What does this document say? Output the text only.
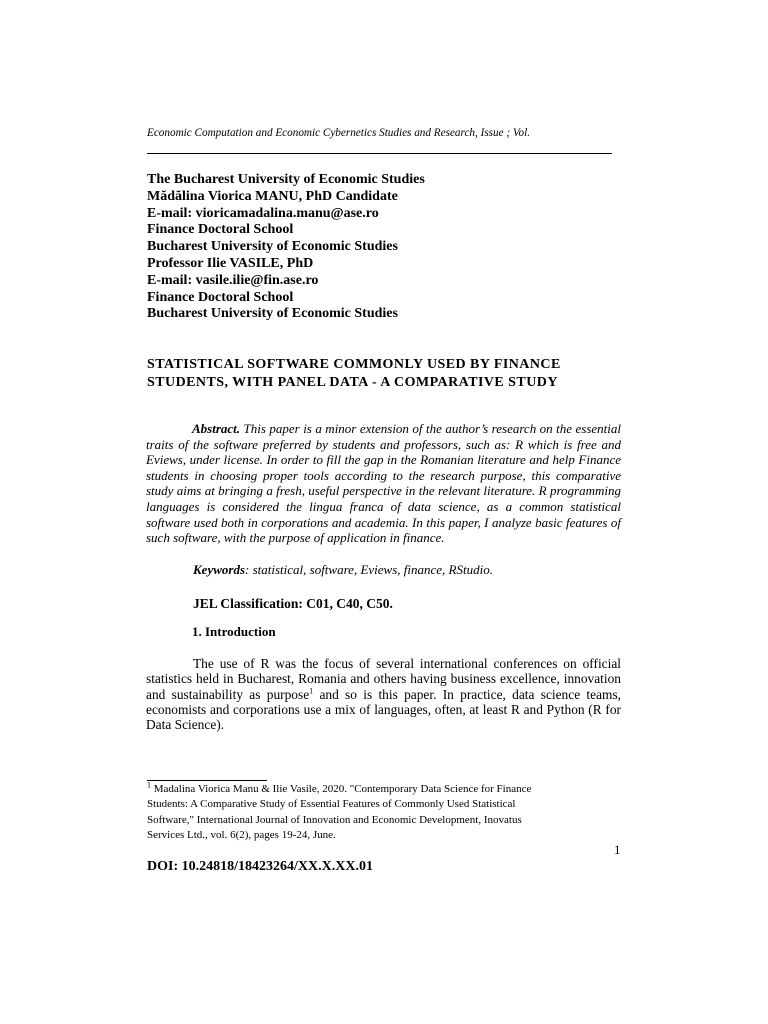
Economic Computation and Economic Cybernetics Studies and Research, Issue ; Vol.
The Bucharest University of Economic Studies
Mădălina Viorica MANU, PhD Candidate
E-mail: vioricamadalina.manu@ase.ro
Finance Doctoral School
Bucharest University of Economic Studies
Professor Ilie VASILE, PhD
E-mail: vasile.ilie@fin.ase.ro
Finance Doctoral School
Bucharest University of Economic Studies
STATISTICAL SOFTWARE COMMONLY USED BY FINANCE
STUDENTS, WITH PANEL DATA - A COMPARATIVE STUDY

Abstract. This paper is a minor extension of the author’s research on the essential traits of the software preferred by students and professors, such as: R which is free and Eviews, under license. In order to fill the gap in the Romanian literature and help Finance students in choosing proper tools according to the research purpose, this comparative study aims at bringing a fresh, useful perspective in the relevant literature. R programming languages is considered the lingua franca of data science, as a common statistical software used both in corporations and academia. In this paper, I analyze basic features of such software, with the purpose of application in finance.

Keywords: statistical, software, Eviews, finance, RStudio.
JEL Classification: C01, C40, C50.
1. Introduction

The use of R was the focus of several international conferences on official statistics held in Bucharest, Romania and others having business excellence, innovation and sustainability as purpose$^1$ and so is this paper. In practice, data science teams, economists and corporations use a mix of languages, often, at least R and Python (R for Data Science).

$^1$ Madalina Viorica Manu & Ilie Vasile, 2020. "Contemporary Data Science for Finance
Students: A Comparative Study of Essential Features of Commonly Used Statistical
Software," International Journal of Innovation and Economic Development, Inovatus
Services Ltd., vol. 6(2), pages 19-24, June.
1
DOI: 10.24818/18423264/XX.X.XX.01
